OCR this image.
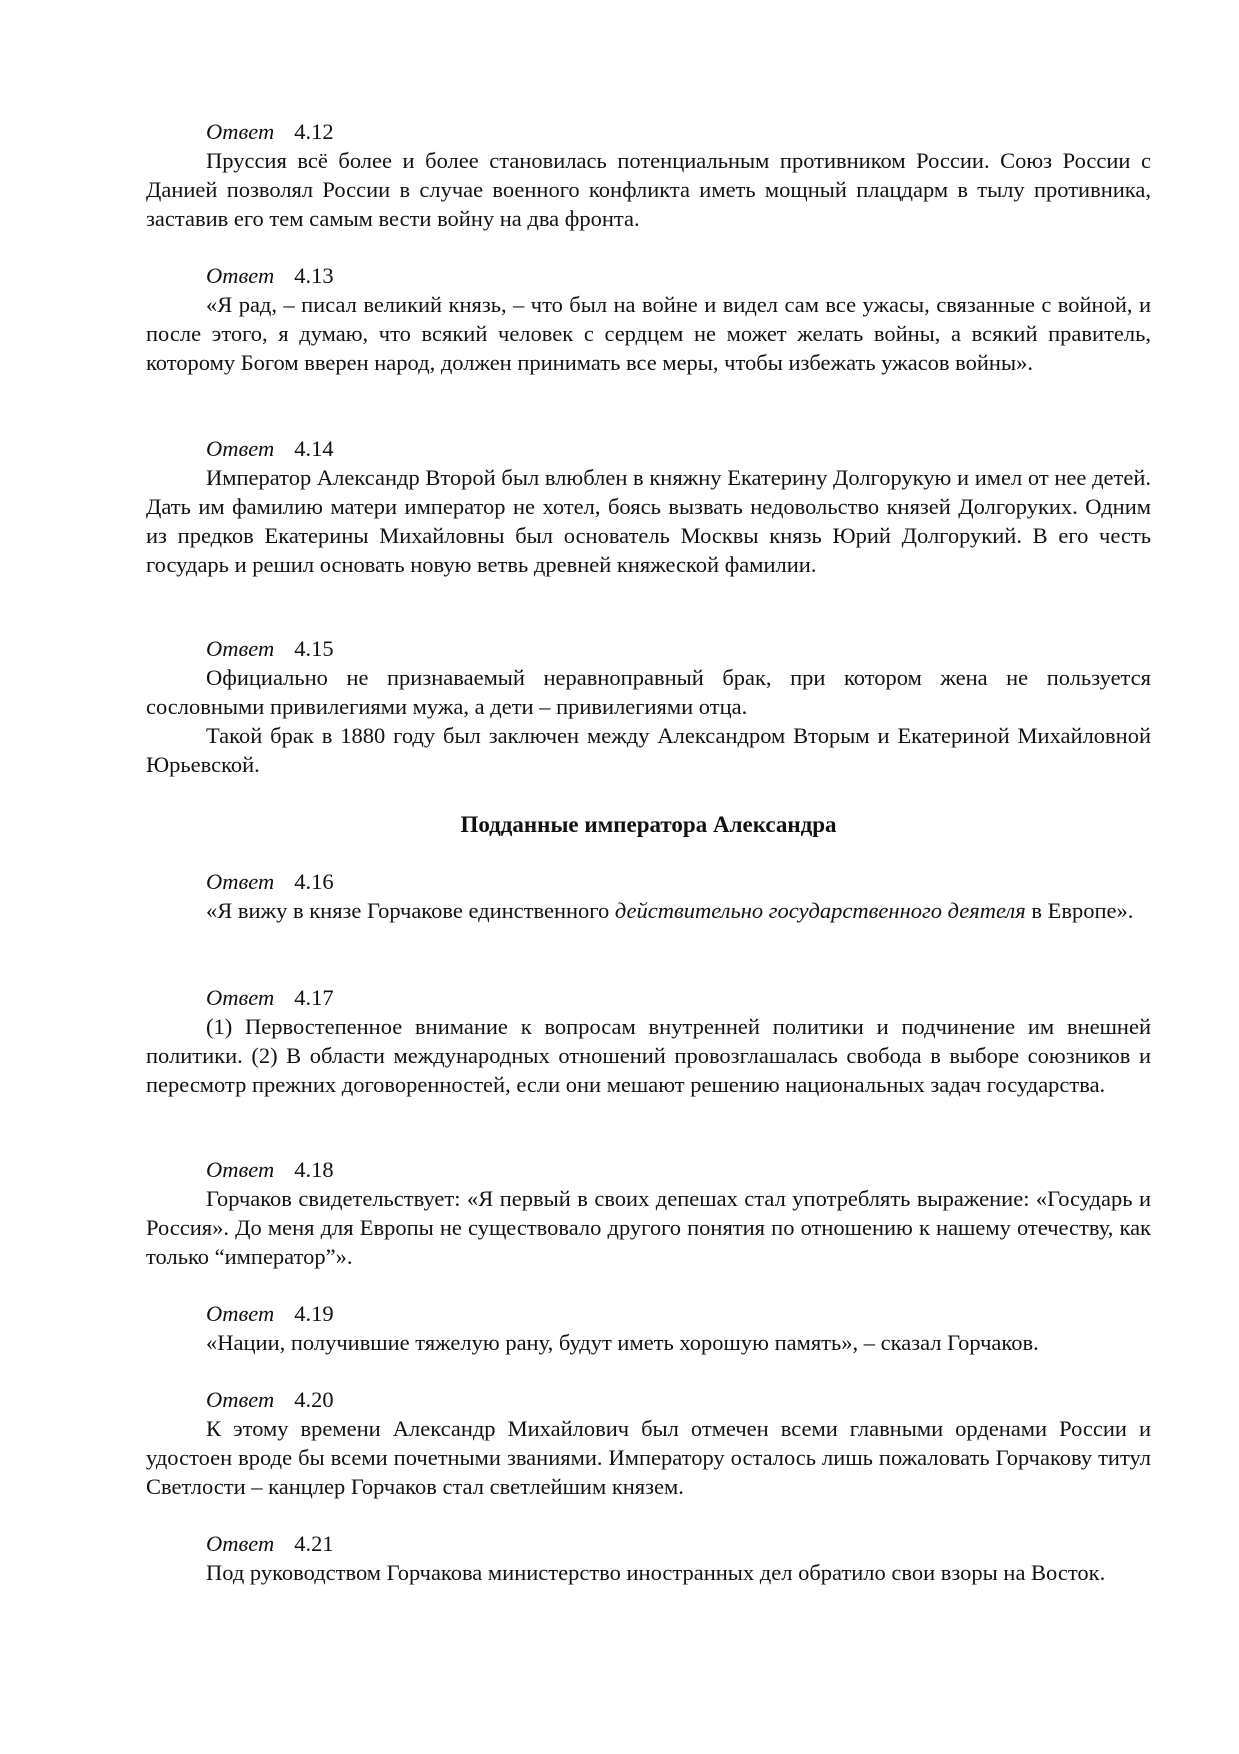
Ответ 4.12

Пруссия всё более и более становилась потенциальным противником России. Союз России с Данией позволял России в случае военного конфликта иметь мощный плацдарм в тылу противника, заставив его тем самым вести войну на два фронта.

Ответ 4.13

«Я рад, – писал великий князь, – что был на войне и видел сам все ужасы, связанные с войной, и после этого, я думаю, что всякий человек с сердцем не может желать войны, а всякий правитель, которому Богом вверен народ, должен принимать все меры, чтобы избежать ужасов войны».

Ответ 4.14

Император Александр Второй был влюблен в княжну Екатерину Долгорукую и имел от нее детей. Дать им фамилию матери император не хотел, боясь вызвать недовольство князей Долгоруких. Одним из предков Екатерины Михайловны был основатель Москвы князь Юрий Долгорукий. В его честь государь и решил основать новую ветвь древней княжеской фамилии.

Ответ 4.15

Официально не признаваемый неравноправный брак, при котором жена не пользуется сословными привилегиями мужа, а дети – привилегиями отца.

Такой брак в 1880 году был заключен между Александром Вторым и Екатериной Михайловной Юрьевской.

Подданные императора Александра

Ответ 4.16

«Я вижу в князе Горчакове единственного действительно государственного деятеля в Европе».

Ответ 4.17

(1) Первостепенное внимание к вопросам внутренней политики и подчинение им внешней политики. (2) В области международных отношений провозглашалась свобода в выборе союзников и пересмотр прежних договоренностей, если они мешают решению национальных задач государства.

Ответ 4.18

Горчаков свидетельствует: «Я первый в своих депешах стал употреблять выражение: «Государь и Россия». До меня для Европы не существовало другого понятия по отношению к нашему отечеству, как только “император”».

Ответ 4.19

«Нации, получившие тяжелую рану, будут иметь хорошую память», – сказал Горчаков.

Ответ 4.20

К этому времени Александр Михайлович был отмечен всеми главными орденами России и удостоен вроде бы всеми почетными званиями. Императору осталось лишь пожаловать Горчакову титул Светлости – канцлер Горчаков стал светлейшим князем.

Ответ 4.21

Под руководством Горчакова министерство иностранных дел обратило свои взоры на Восток.
